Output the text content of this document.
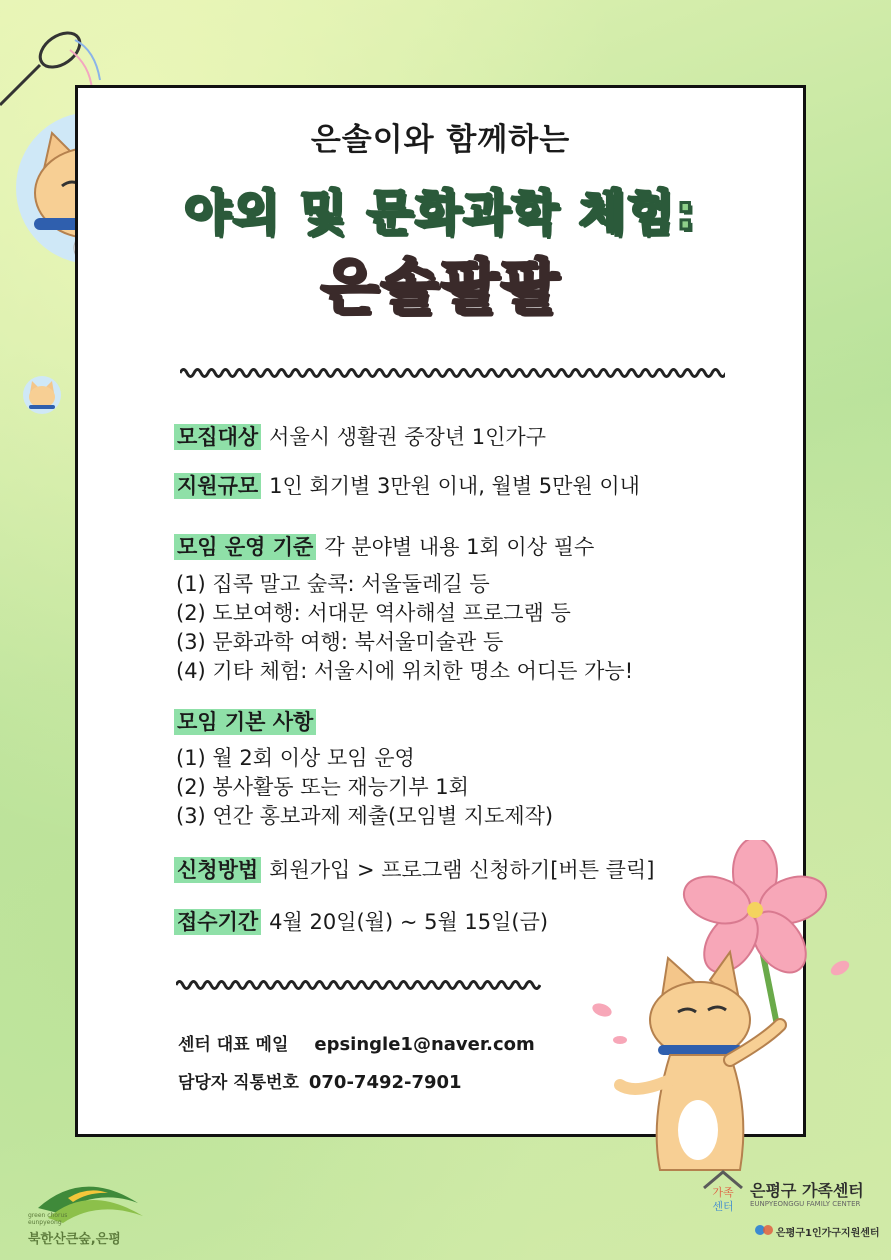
은솔이와 함께하는
야외 및 문화과학 체험:
은솔팔팔
모집대상 서울시 생활권 중장년 1인가구
지원규모 1인 회기별 3만원 이내, 월별 5만원 이내
모임 운영 기준 각 분야별 내용 1회 이상 필수
(1) 집콕 말고 숲콕: 서울둘레길 등
(2) 도보여행: 서대문 역사해설 프로그램 등
(3) 문화과학 여행: 북서울미술관 등
(4) 기타 체험: 서울시에 위치한 명소 어디든 가능!
모임 기본 사항
(1) 월 2회 이상 모임 운영
(2) 봉사활동 또는 재능기부 1회
(3) 연간 홍보과제 제출(모임별 지도제작)
신청방법 회원가입 > 프로그램 신청하기[버튼 클릭]
접수기간 4월 20일(월) ~ 5월 15일(금)
센터 대표 메일 epsingle1@naver.com
담당자 직통번호 070-7492-7901
green chorus eunpyeong
북한산큰숲,은평
가족
센터
은평구 가족센터
EUNPYEONGGU FAMILY CENTER
은평구1인가구지원센터
